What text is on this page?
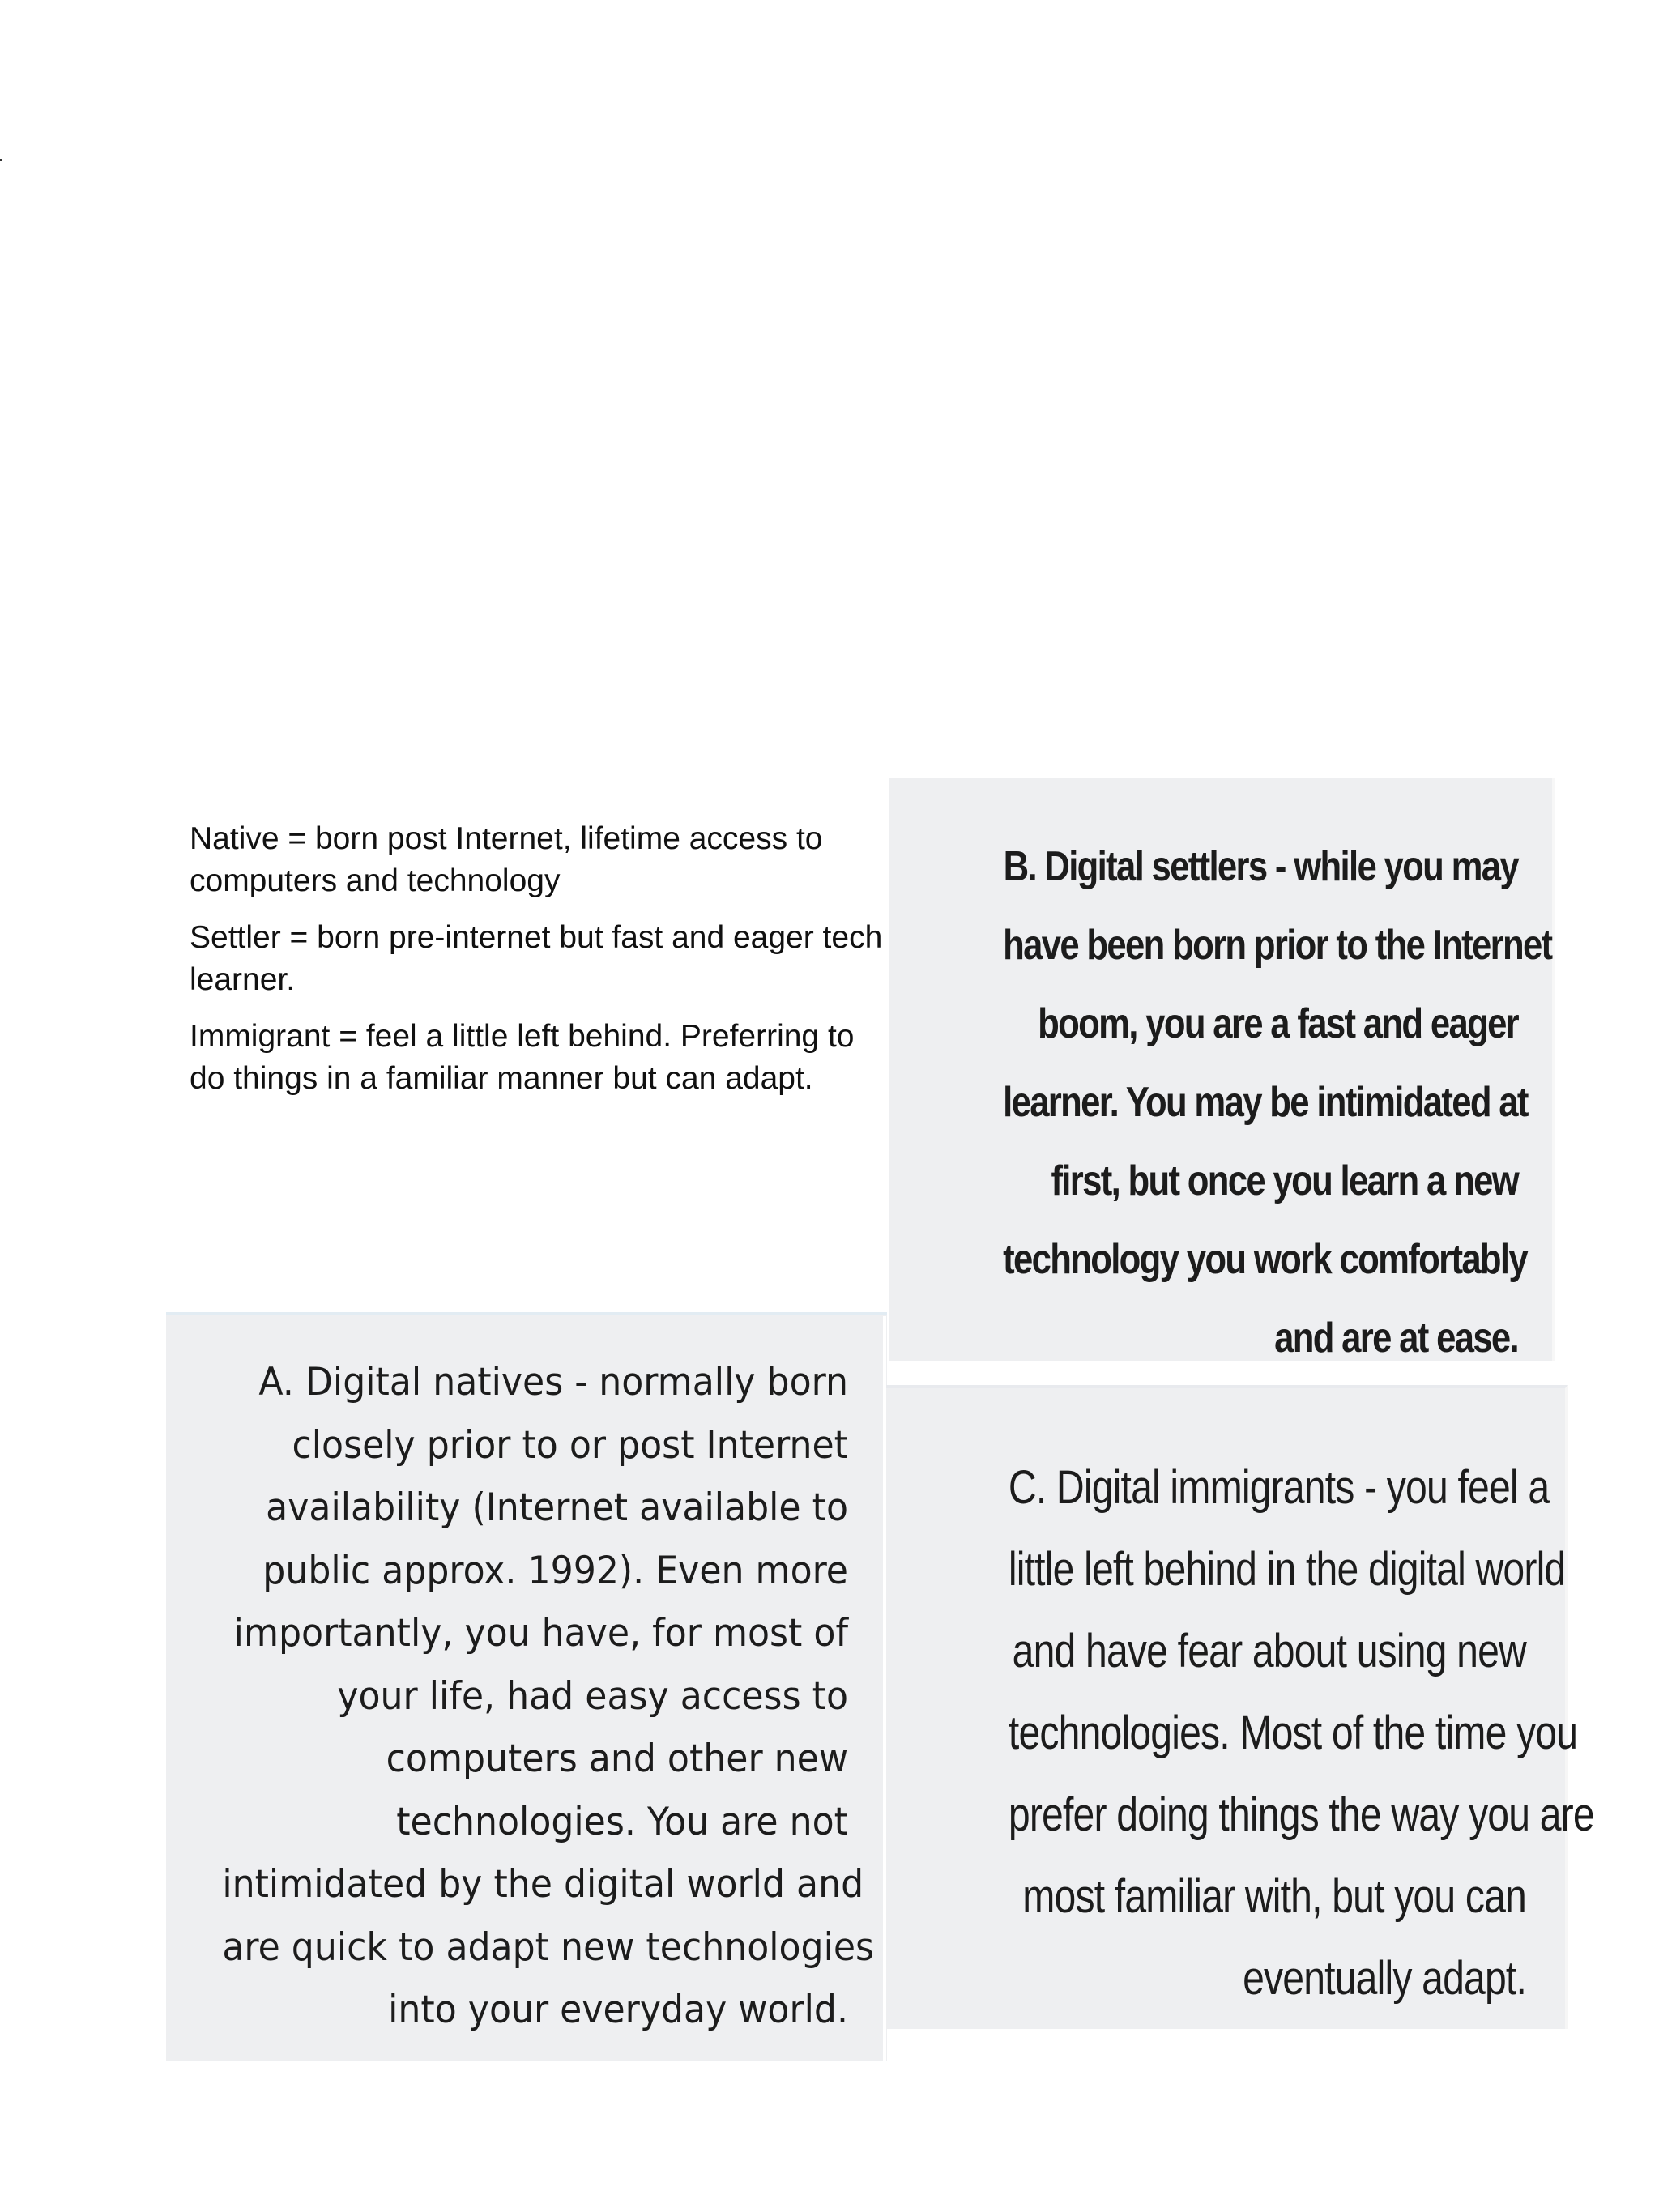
Native = born post Internet, lifetime access to computers and technology

Settler = born pre-internet but fast and eager tech learner.

Immigrant = feel a little left behind. Preferring to do things in a familiar manner but can adapt.

B. Digital settlers - while you may

have been born prior to the Internet

boom, you are a fast and eager

learner. You may be intimidated at

first, but once you learn a new

technology you work comfortably

and are at ease.

A. Digital natives - normally born

closely prior to or post Internet

availability (Internet available to

public approx. 1992). Even more

importantly, you have, for most of

your life, had easy access to

computers and other new

technologies. You are not

intimidated by the digital world and

are quick to adapt new technologies

into your everyday world.

C. Digital immigrants - you feel a

little left behind in the digital world

and have fear about using new

technologies. Most of the time you

prefer doing things the way you are

most familiar with, but you can

eventually adapt.
